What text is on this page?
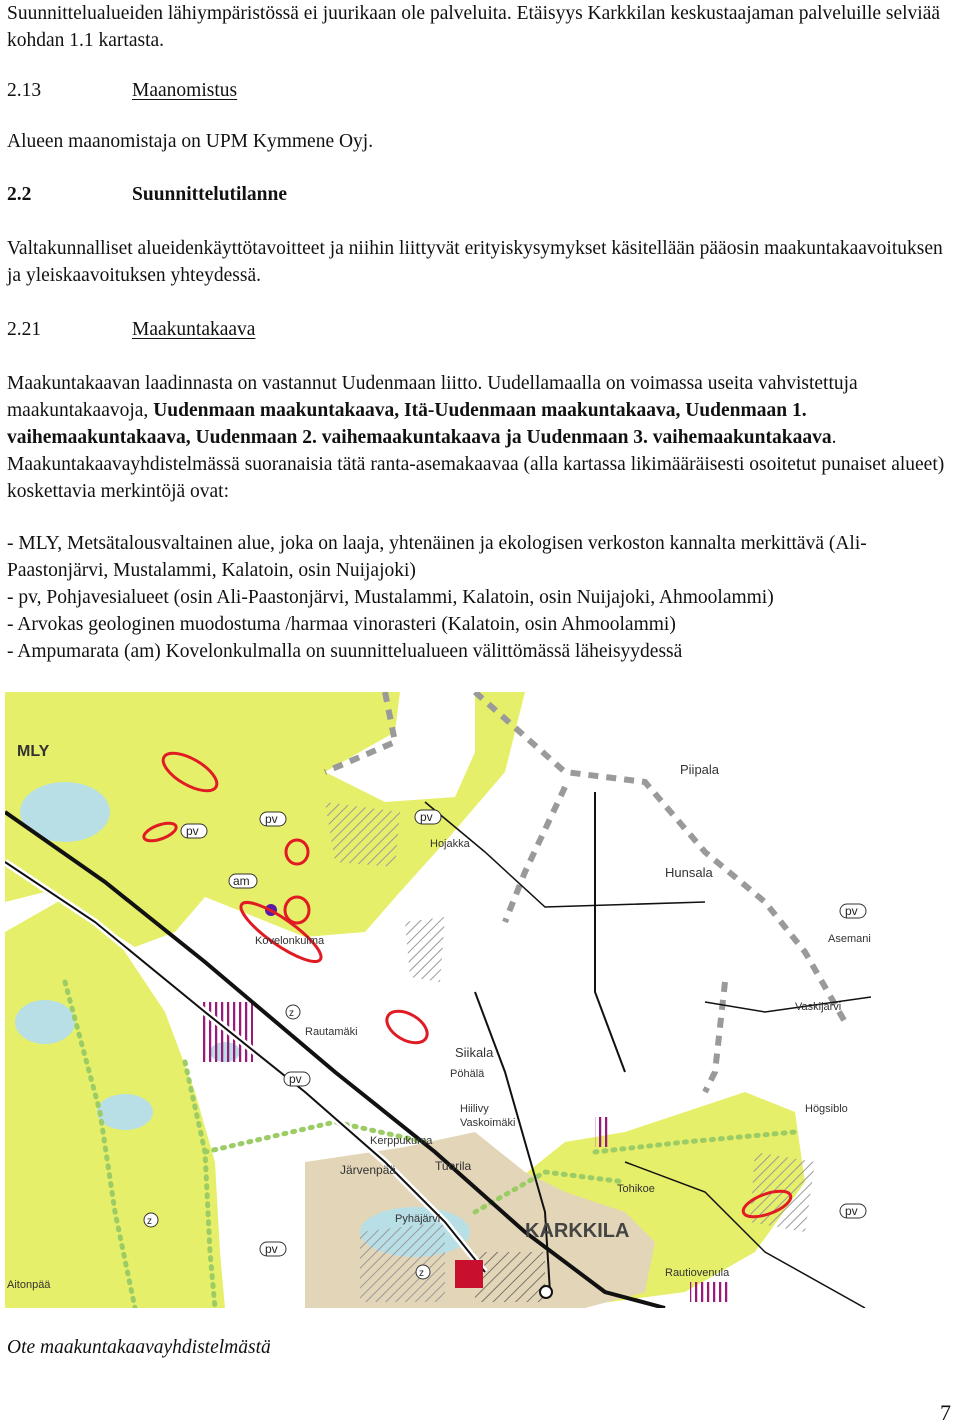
Suunnittelualueiden lähiympäristössä ei juurikaan ole palveluita. Etäisyys Karkkilan keskustaajaman palveluille selviää kohdan 1.1 kartasta.

2.13	Maanomistus

Alueen maanomistaja on UPM Kymmene Oyj.

2.2	Suunnittelutilanne

Valtakunnalliset alueidenkäyttötavoitteet ja niihin liittyvät erityiskysymykset käsitellään pääosin maakuntakaavoituksen ja yleiskaavoituksen yhteydessä.

2.21	Maakuntakaava

Maakuntakaavan laadinnasta on vastannut Uudenmaan liitto. Uudellamaalla on voimassa useita vahvistettuja maakuntakaavoja, Uudenmaan maakuntakaava, Itä-Uudenmaan maakuntakaava, Uudenmaan 1. vaihemaakuntakaava, Uudenmaan 2. vaihemaakuntakaava ja Uudenmaan 3. vaihemaakuntakaava. Maakuntakaavayhdistelmässä suoranaisia tätä ranta-asemakaavaa (alla kartassa likimääräisesti osoitetut punaiset alueet) koskettavia merkintöjä ovat:

- MLY, Metsätalousvaltainen alue, joka on laaja, yhtenäinen ja ekologisen verkoston kannalta merkittävä (Ali-Paastonjärvi, Mustalammi, Kalatoin, osin Nuijajoki)

- pv, Pohjavesialueet (osin Ali-Paastonjärvi, Mustalammi, Kalatoin, osin Nuijajoki, Ahmoolammi)

- Arvokas geologinen muodostuma /harmaa vinorasteri (Kalatoin, osin Ahmoolammi)

- Ampumarata (am) Kovelonkulmalla on suunnittelualueen välittömässä läheisyydessä

MLY
Piipala
Hunsala
Asemani
Hojakka
Kovelonkulma
Rautamäki
Siikala
Pöhälä
Vaskijärvi
Hiilivy
Vaskoimäki
Kerppukuma
Järvenpää	Tuorila
Högsiblo
Tohikoe
Pyhäjärvi
KARKKILA
Aitonpää
Rautiovenula
pv
pv	pv
am
pv
pv
pv
pv
z
z
z
Ote maakuntakaavayhdistelmästä
7
